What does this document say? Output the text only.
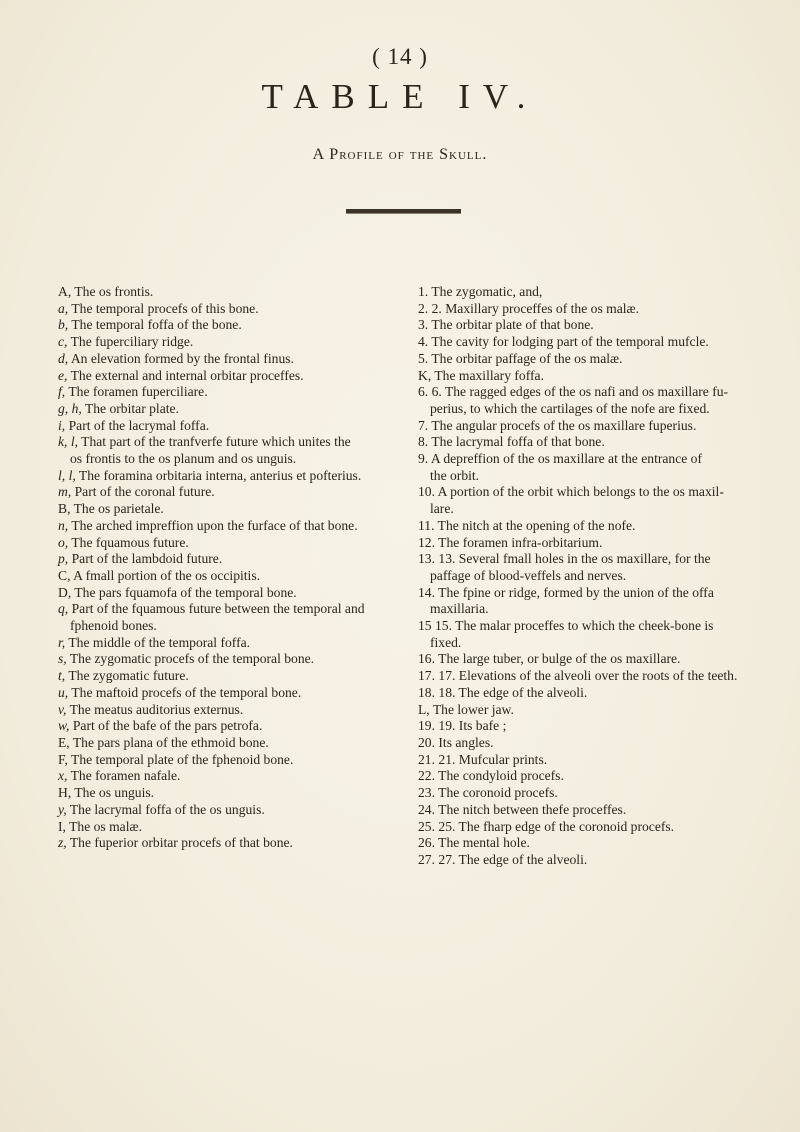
( 14 )
TABLE IV.
A Profile of the Skull.

A, The os frontis.

a, The temporal procefs of this bone.

b, The temporal foffa of the bone.

c, The fuperciliary ridge.

d, An elevation formed by the frontal finus.

e, The external and internal orbitar proceffes.

f, The foramen fuperciliare.

g, h, The orbitar plate.

i, Part of the lacrymal foffa.

k, l, That part of the tranfverfe future which unites the

os frontis to the os planum and os unguis.

l, l, The foramina orbitaria interna, anterius et pofterius.

m, Part of the coronal future.

B, The os parietale.

n, The arched impreffion upon the furface of that bone.

o, The fquamous future.

p, Part of the lambdoid future.

C, A fmall portion of the os occipitis.

D, The pars fquamofa of the temporal bone.

q, Part of the fquamous future between the temporal and

fphenoid bones.

r, The middle of the temporal foffa.

s, The zygomatic procefs of the temporal bone.

t, The zygomatic future.

u, The maftoid procefs of the temporal bone.

v, The meatus auditorius externus.

w, Part of the bafe of the pars petrofa.

E, The pars plana of the ethmoid bone.

F, The temporal plate of the fphenoid bone.

x, The foramen nafale.

H, The os unguis.

y, The lacrymal foffa of the os unguis.

I, The os malæ.

z, The fuperior orbitar procefs of that bone.

1. The zygomatic, and,

2. 2. Maxillary proceffes of the os malæ.

3. The orbitar plate of that bone.

4. The cavity for lodging part of the temporal mufcle.

5. The orbitar paffage of the os malæ.

K, The maxillary foffa.

6. 6. The ragged edges of the os nafi and os maxillare fu-

perius, to which the cartilages of the nofe are fixed.

7. The angular procefs of the os maxillare fuperius.

8. The lacrymal foffa of that bone.

9. A depreffion of the os maxillare at the entrance of

the orbit.

10. A portion of the orbit which belongs to the os maxil-

lare.

11. The nitch at the opening of the nofe.

12. The foramen infra-orbitarium.

13. 13. Several fmall holes in the os maxillare, for the

paffage of blood-veffels and nerves.

14. The fpine or ridge, formed by the union of the offa

maxillaria.

15 15. The malar proceffes to which the cheek-bone is

fixed.

16. The large tuber, or bulge of the os maxillare.

17. 17. Elevations of the alveoli over the roots of the teeth.

18. 18. The edge of the alveoli.

L, The lower jaw.

19. 19. Its bafe ;

20. Its angles.

21. 21. Mufcular prints.

22. The condyloid procefs.

23. The coronoid procefs.

24. The nitch between thefe proceffes.

25. 25. The fharp edge of the coronoid procefs.

26. The mental hole.

27. 27. The edge of the alveoli.
